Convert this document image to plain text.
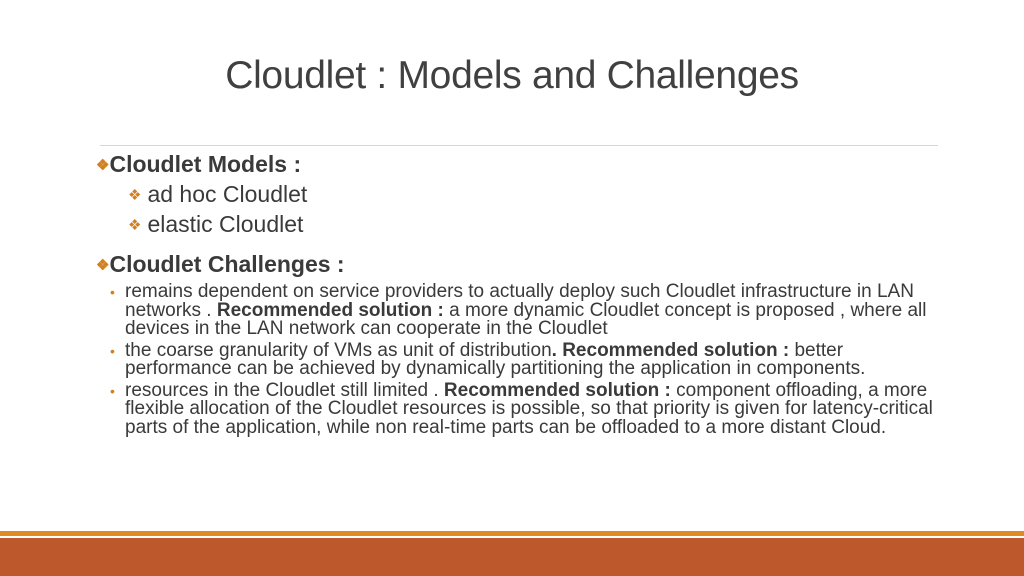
Cloudlet : Models and Challenges
❖Cloudlet Models :
❖ ad hoc Cloudlet
❖ elastic Cloudlet
❖Cloudlet Challenges :
• remains dependent on service providers to actually deploy such Cloudlet infrastructure in LAN networks . Recommended solution : a more dynamic Cloudlet concept is proposed , where all devices in the LAN network can cooperate in the Cloudlet
• the coarse granularity of VMs as unit of distribution. Recommended solution : better performance can be achieved by dynamically partitioning the application in components.
• resources in the Cloudlet still limited . Recommended solution : component offloading, a more flexible allocation of the Cloudlet resources is possible, so that priority is given for latency-critical parts of the application, while non real-time parts can be offloaded to a more distant Cloud.
